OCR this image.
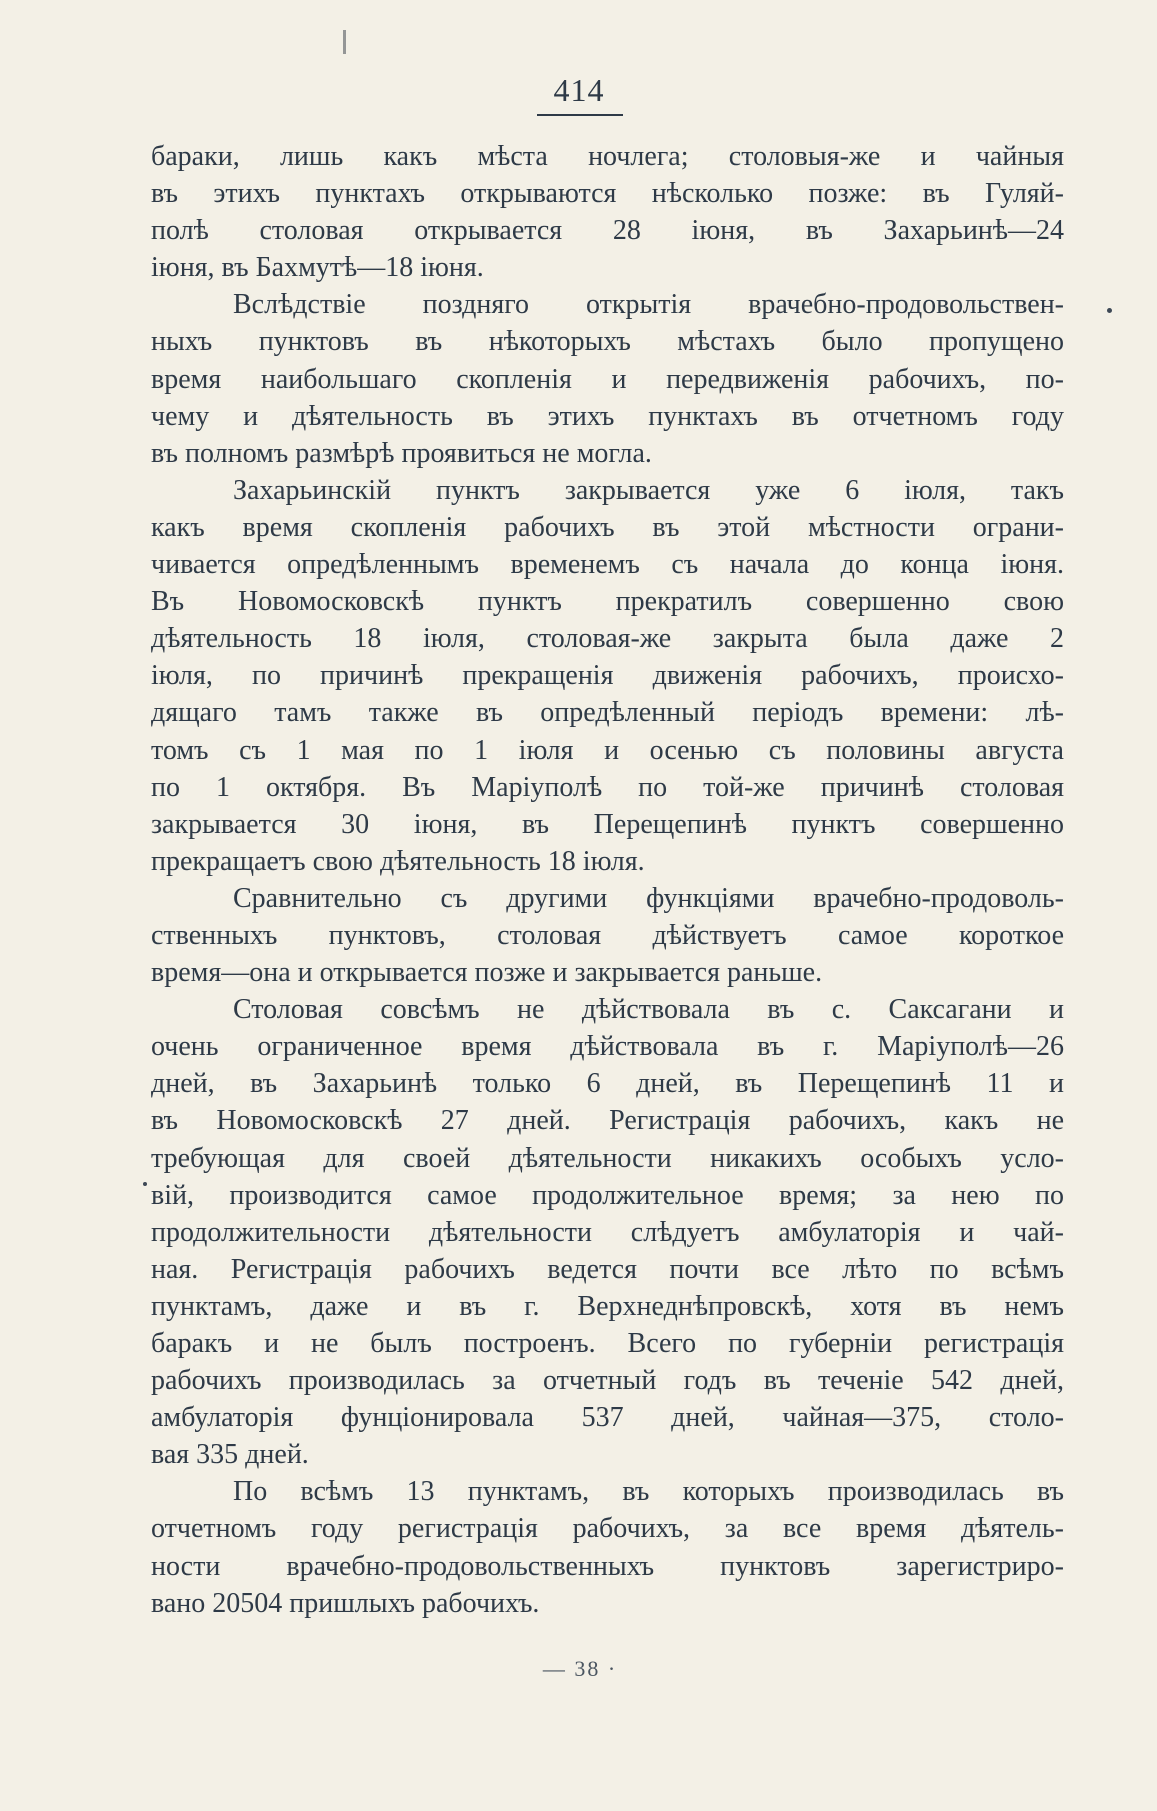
414
бараки, лишь какъ мѣста ночлега; столовыя-же и чайныя
въ этихъ пунктахъ открываются нѣсколько позже: въ Гуляй-
полѣ столовая открывается 28 іюня, въ Захарьинѣ—24
іюня, въ Бахмутѣ—18 іюня.
Вслѣдствіе поздняго открытія врачебно-продовольствен-
ныхъ пунктовъ въ нѣкоторыхъ мѣстахъ было пропущено
время наибольшаго скопленія и передвиженія рабочихъ, по-
чему и дѣятельность въ этихъ пунктахъ въ отчетномъ году
въ полномъ размѣрѣ проявиться не могла.
Захарьинскій пунктъ закрывается уже 6 іюля, такъ
какъ время скопленія рабочихъ въ этой мѣстности ограни-
чивается опредѣленнымъ временемъ съ начала до конца іюня.
Въ Новомосковскѣ пунктъ прекратилъ совершенно свою
дѣятельность 18 іюля, столовая-же закрыта была даже 2
іюля, по причинѣ прекращенія движенія рабочихъ, происхо-
дящаго тамъ также въ опредѣленный періодъ времени: лѣ-
томъ съ 1 мая по 1 іюля и осенью съ половины августа
по 1 октября. Въ Маріуполѣ по той-же причинѣ столовая
закрывается 30 іюня, въ Перещепинѣ пунктъ совершенно
прекращаетъ свою дѣятельность 18 іюля.
Сравнительно съ другими функціями врачебно-продоволь-
ственныхъ пунктовъ, столовая дѣйствуетъ самое короткое
время—она и открывается позже и закрывается раньше.
Столовая совсѣмъ не дѣйствовала въ с. Саксагани и
очень ограниченное время дѣйствовала въ г. Маріуполѣ—26
дней, въ Захарьинѣ только 6 дней, въ Перещепинѣ 11 и
въ Новомосковскѣ 27 дней. Регистрація рабочихъ, какъ не
требующая для своей дѣятельности никакихъ особыхъ усло-
вій, производится самое продолжительное время; за нею по
продолжительности дѣятельности слѣдуетъ амбулаторія и чай-
ная. Регистрація рабочихъ ведется почти все лѣто по всѣмъ
пунктамъ, даже и въ г. Верхнеднѣпровскѣ, хотя въ немъ
баракъ и не былъ построенъ. Всего по губерніи регистрація
рабочихъ производилась за отчетный годъ въ теченіе 542 дней,
амбулаторія фунціонировала 537 дней, чайная—375, столо-
вая 335 дней.
По всѣмъ 13 пунктамъ, въ которыхъ производилась въ
отчетномъ году регистрація рабочихъ, за все время дѣятель-
ности врачебно-продовольственныхъ пунктовъ зарегистриро-
вано 20504 пришлыхъ рабочихъ.
— 38 ·
